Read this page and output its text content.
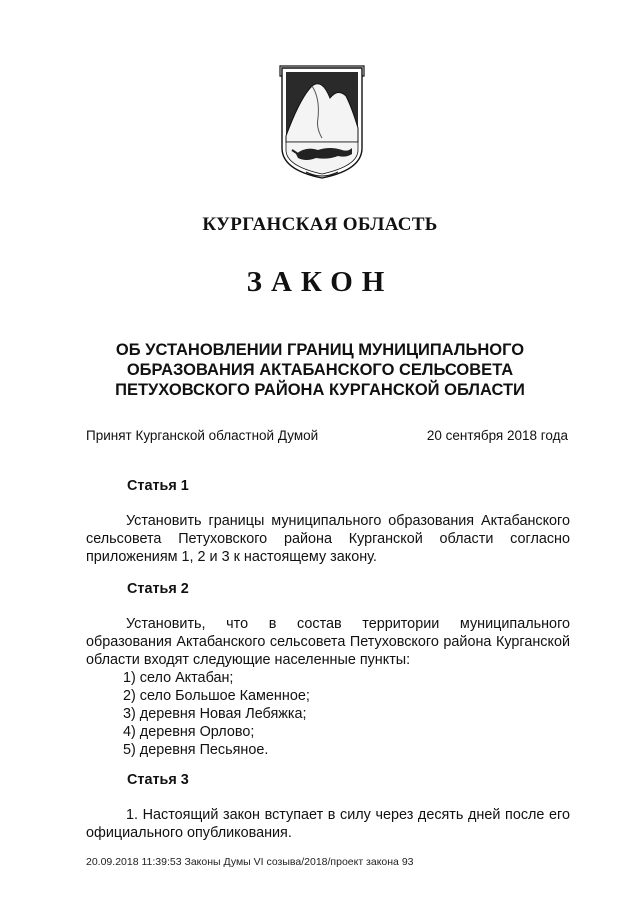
КУРГАНСКАЯ ОБЛАСТЬ
ЗАКОН
ОБ УСТАНОВЛЕНИИ ГРАНИЦ МУНИЦИПАЛЬНОГО
ОБРАЗОВАНИЯ АКТАБАНСКОГО СЕЛЬСОВЕТА
ПЕТУХОВСКОГО РАЙОНА КУРГАНСКОЙ ОБЛАСТИ
Принят Курганской областной Думой	20 сентября 2018 года
Статья 1
Установить границы муниципального образования Актабанского сельсовета Петуховского района Курганской области согласно приложениям 1, 2 и 3 к настоящему закону.
Статья 2
Установить, что в состав территории муниципального образования Актабанского сельсовета Петуховского района Курганской области входят следующие населенные пункты:
1) село Актабан;
2) село Большое Каменное;
3) деревня Новая Лебяжка;
4) деревня Орлово;
5) деревня Песьяное.
Статья 3
1. Настоящий закон вступает в силу через десять дней после его официального опубликования.
20.09.2018 11:39:53 Законы Думы VI созыва/2018/проект закона 93
